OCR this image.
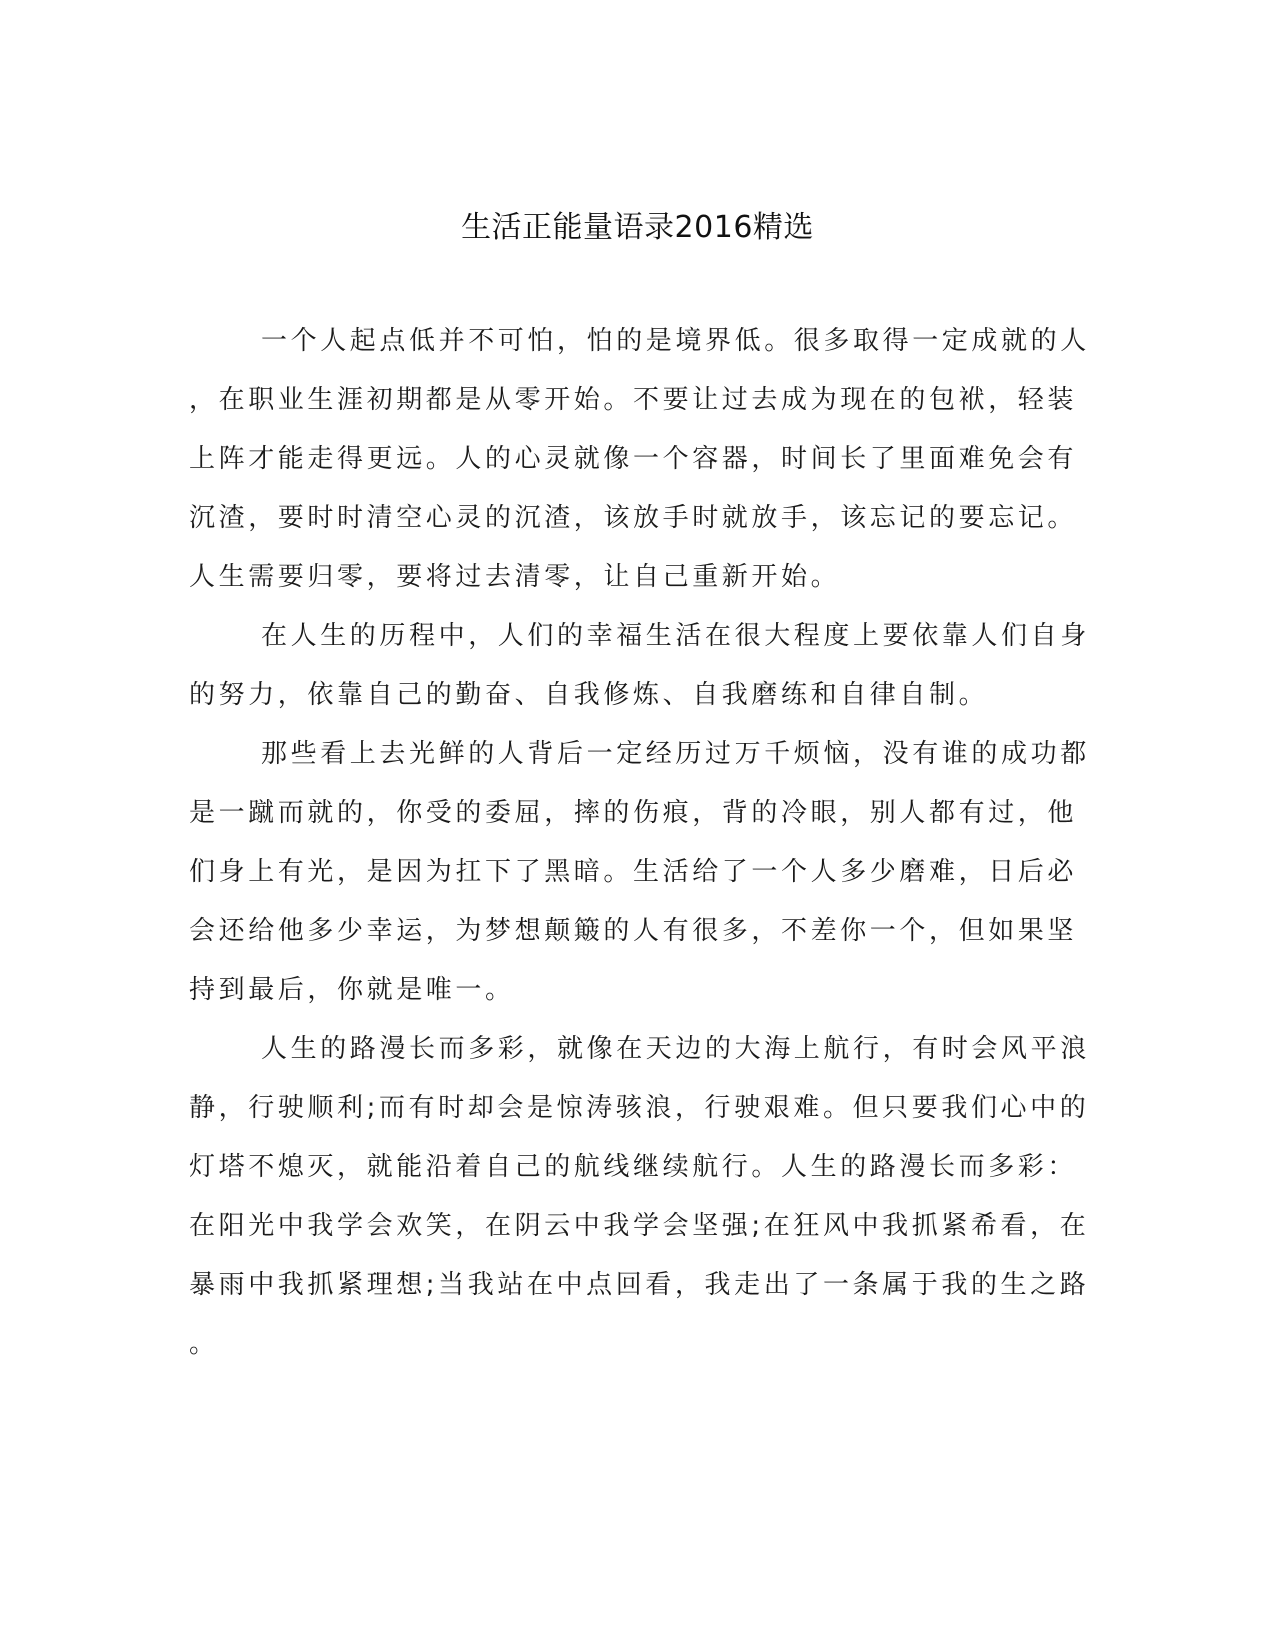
生活正能量语录2016精选
一个人起点低并不可怕，怕的是境界低。很多取得一定成就的人
，在职业生涯初期都是从零开始。不要让过去成为现在的包袱，轻装
上阵才能走得更远。人的心灵就像一个容器，时间长了里面难免会有
沉渣，要时时清空心灵的沉渣，该放手时就放手，该忘记的要忘记。
人生需要归零，要将过去清零，让自己重新开始。
在人生的历程中，人们的幸福生活在很大程度上要依靠人们自身
的努力，依靠自己的勤奋、自我修炼、自我磨练和自律自制。
那些看上去光鲜的人背后一定经历过万千烦恼，没有谁的成功都
是一蹴而就的，你受的委屈，摔的伤痕，背的冷眼，别人都有过，他
们身上有光，是因为扛下了黑暗。生活给了一个人多少磨难，日后必
会还给他多少幸运，为梦想颠簸的人有很多，不差你一个，但如果坚
持到最后，你就是唯一。
人生的路漫长而多彩，就像在天边的大海上航行，有时会风平浪
静，行驶顺利;而有时却会是惊涛骇浪，行驶艰难。但只要我们心中的
灯塔不熄灭，就能沿着自己的航线继续航行。人生的路漫长而多彩：
在阳光中我学会欢笑，在阴云中我学会坚强;在狂风中我抓紧希看，在
暴雨中我抓紧理想;当我站在中点回看，我走出了一条属于我的生之路
。
